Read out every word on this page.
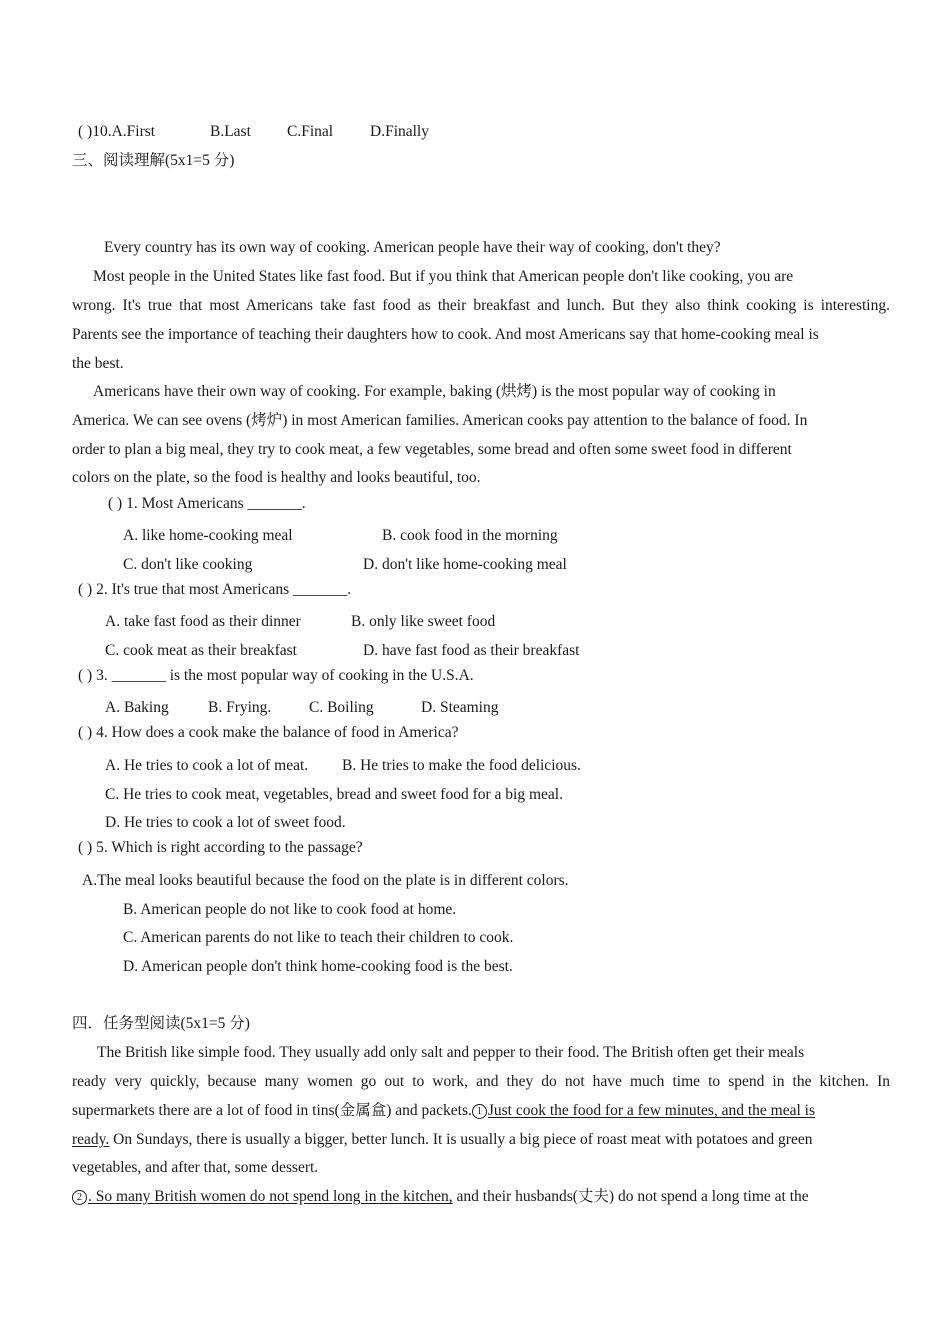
( )10.A.First	B.Last C.Final D.Finally
三、阅读理解(5x1=5 分)
Every country has its own way of cooking. American people have their way of cooking, don't they?
Most people in the United States like fast food. But if you think that American people don't like cooking, you are
wrong. It's true that most Americans take fast food as their breakfast and lunch. But they also think cooking is interesting.
Parents see the importance of teaching their daughters how to cook. And most Americans say that home-cooking meal is
the best.
Americans have their own way of cooking. For example, baking (烘烤) is the most popular way of cooking in
America. We can see ovens (烤炉) in most American families. American cooks pay attention to the balance of food. In
order to plan a big meal, they try to cook meat, a few vegetables, some bread and often some sweet food in different
colors on the plate, so the food is healthy and looks beautiful, too.
( ) 1. Most Americans _______.
A. like home-cooking meal	B. cook food in the morning
C. don't like cooking	D. don't like home-cooking meal
( ) 2. It's true that most Americans _______.
A. take fast food as their dinner	B. only like sweet food
C. cook meat as their breakfast	D. have fast food as their breakfast
( ) 3. _______ is the most popular way of cooking in the U.S.A.
A. Baking	B. Frying. C. Boiling	D. Steaming
( ) 4. How does a cook make the balance of food in America?
A. He tries to cook a lot of meat. B. He tries to make the food delicious.
C. He tries to cook meat, vegetables, bread and sweet food for a big meal.
D. He tries to cook a lot of sweet food.
( ) 5. Which is right according to the passage?
A.The meal looks beautiful because the food on the plate is in different colors.
B. American people do not like to cook food at home.
C. American parents do not like to teach their children to cook.
D. American people don't think home-cooking food is the best.
四．任务型阅读(5x1=5 分)
The British like simple food. They usually add only salt and pepper to their food. The British often get their meals
ready very quickly, because many women go out to work, and they do not have much time to spend in the kitchen. In
supermarkets there are a lot of food in tins(金属盒) and packets. 1 Just cook the food for a few minutes, and the meal is
ready. On Sundays, there is usually a bigger, better lunch. It is usually a big piece of roast meat with potatoes and green
vegetables, and after that, some dessert.
2 . So many British women do not spend long in the kitchen, and their husbands(丈夫) do not spend a long time at the
